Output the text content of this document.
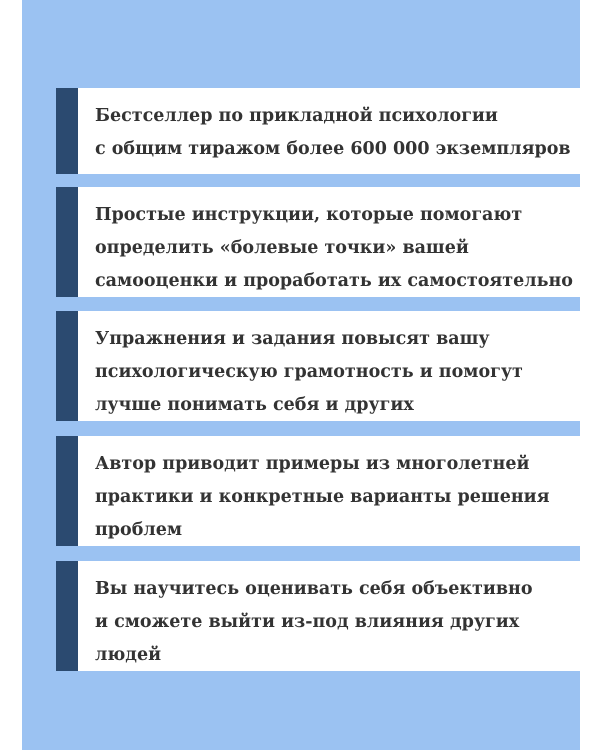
Бестселлер по прикладной психологии
с общим тиражом более 600 000 экземпляров
Простые инструкции, которые помогают
определить «болевые точки» вашей
самооценки и проработать их самостоятельно
Упражнения и задания повысят вашу
психологическую грамотность и помогут
лучше понимать себя и других
Автор приводит примеры из многолетней
практики и конкретные варианты решения
проблем
Вы научитесь оценивать себя объективно
и сможете выйти из-под влияния других
людей
